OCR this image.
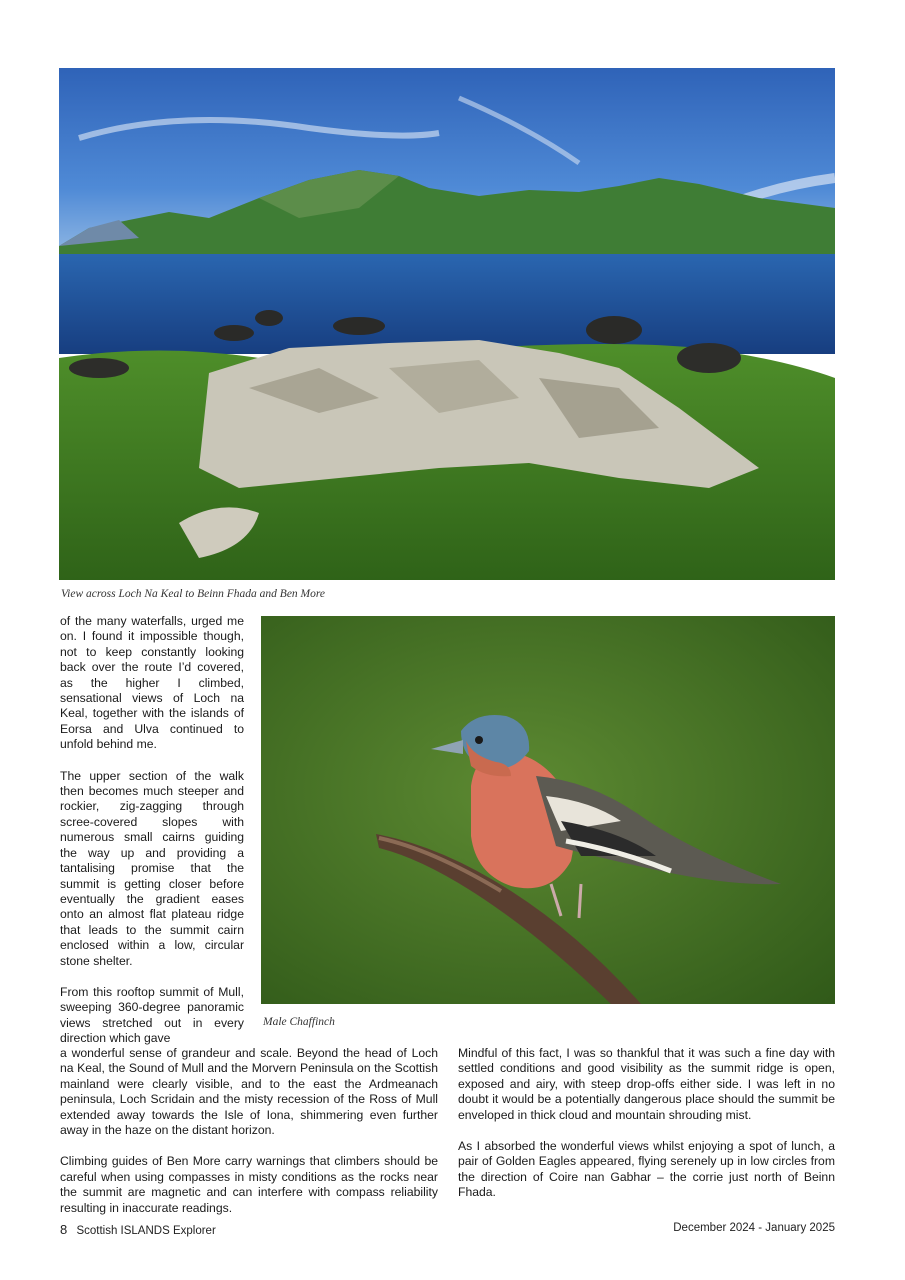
View across Loch Na Keal to Beinn Fhada and Ben More
Male Chaffinch

of the many waterfalls, urged me on. I found it impossible though, not to keep constantly looking back over the route I’d covered, as the higher I climbed, sensational views of Loch na Keal, together with the islands of Eorsa and Ulva continued to unfold behind me.

The upper section of the walk then becomes much steeper and rockier, zig-zagging through scree-covered slopes with numerous small cairns guiding the way up and providing a tantalising promise that the summit is getting closer before eventually the gradient eases onto an almost flat plateau ridge that leads to the summit cairn enclosed within a low, circular stone shelter.

From this rooftop summit of Mull, sweeping 360-degree panoramic views stretched out in every direction which gave

a wonderful sense of grandeur and scale. Beyond the head of Loch na Keal, the Sound of Mull and the Morvern Peninsula on the Scottish mainland were clearly visible, and to the east the Ardmeanach peninsula, Loch Scridain and the misty recession of the Ross of Mull extended away towards the Isle of Iona, shimmering even further away in the haze on the distant horizon.

Climbing guides of Ben More carry warnings that climbers should be careful when using compasses in misty conditions as the rocks near the summit are magnetic and can interfere with compass reliability resulting in inaccurate readings.

Mindful of this fact, I was so thankful that it was such a fine day with settled conditions and good visibility as the summit ridge is open, exposed and airy, with steep drop-offs either side. I was left in no doubt it would be a potentially dangerous place should the summit be enveloped in thick cloud and mountain shrouding mist.

As I absorbed the wonderful views whilst enjoying a spot of lunch, a pair of Golden Eagles appeared, flying serenely up in low circles from the direction of Coire nan Gabhar – the corrie just north of Beinn Fhada.

8 Scottish ISLANDS Explorer	December 2024 - January 2025
